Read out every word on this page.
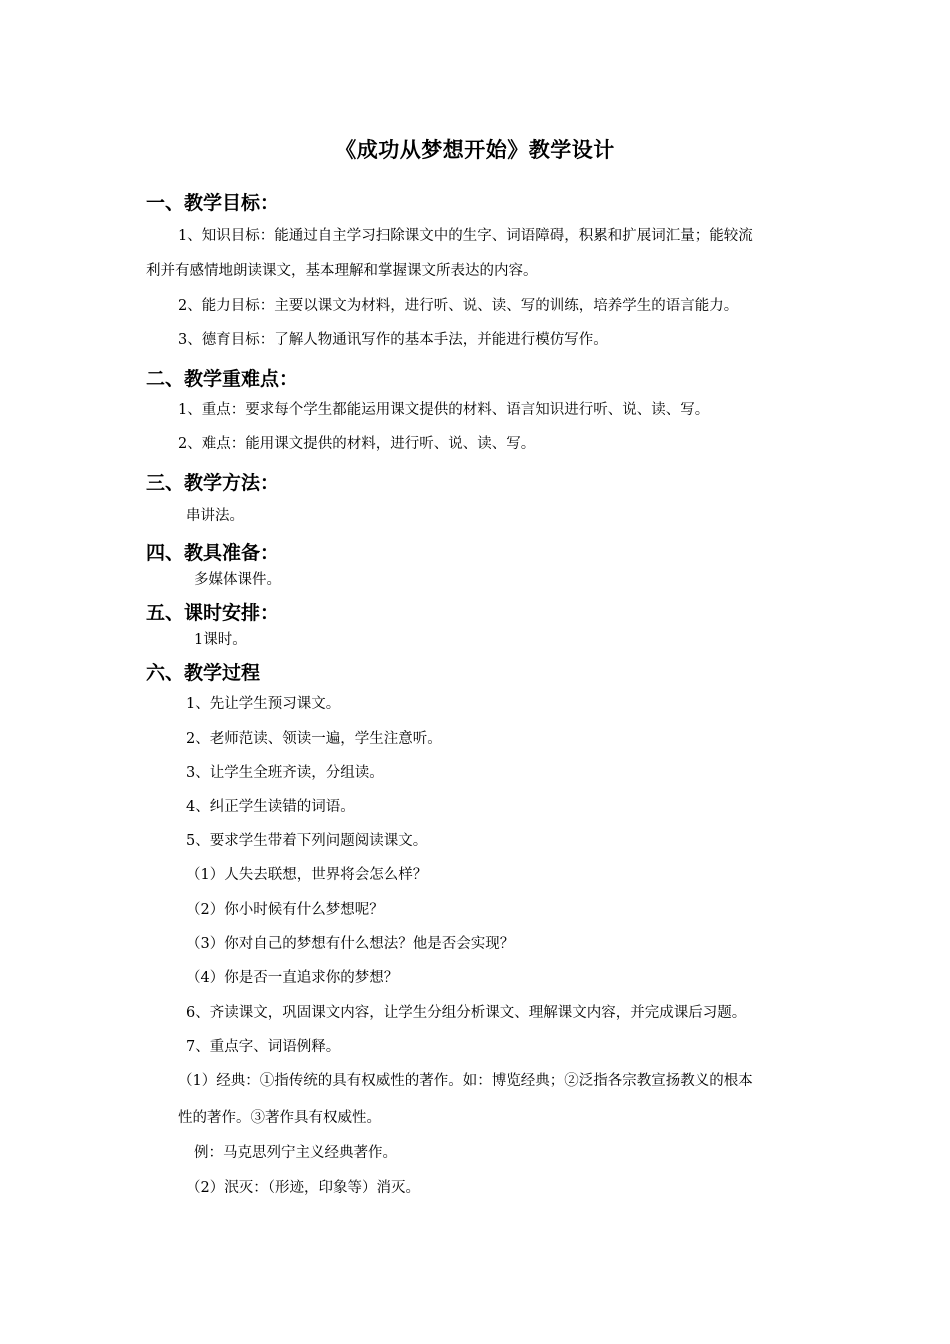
《成功从梦想开始》教学设计
一、教学目标：
1、知识目标：能通过自主学习扫除课文中的生字、词语障碍，积累和扩展词汇量；能较流
利并有感情地朗读课文，基本理解和掌握课文所表达的内容。
2、能力目标：主要以课文为材料，进行听、说、读、写的训练，培养学生的语言能力。
3、德育目标：了解人物通讯写作的基本手法，并能进行模仿写作。
二、教学重难点：
1、重点：要求每个学生都能运用课文提供的材料、语言知识进行听、说、读、写。
2、难点：能用课文提供的材料，进行听、说、读、写。
三、教学方法：
串讲法。
四、教具准备：
多媒体课件。
五、课时安排：
1课时。
六、教学过程
1、先让学生预习课文。
2、老师范读、领读一遍，学生注意听。
3、让学生全班齐读，分组读。
4、纠正学生读错的词语。
5、要求学生带着下列问题阅读课文。
（1）人失去联想，世界将会怎么样？
（2）你小时候有什么梦想呢？
（3）你对自己的梦想有什么想法？他是否会实现？
（4）你是否一直追求你的梦想？
6、齐读课文，巩固课文内容，让学生分组分析课文、理解课文内容，并完成课后习题。
7、重点字、词语例释。
（1）经典：①指传统的具有权威性的著作。如：博览经典；②泛指各宗教宣扬教义的根本
性的著作。③著作具有权威性。
例：马克思列宁主义经典著作。
（2）泯灭：（形迹，印象等）消灭。
